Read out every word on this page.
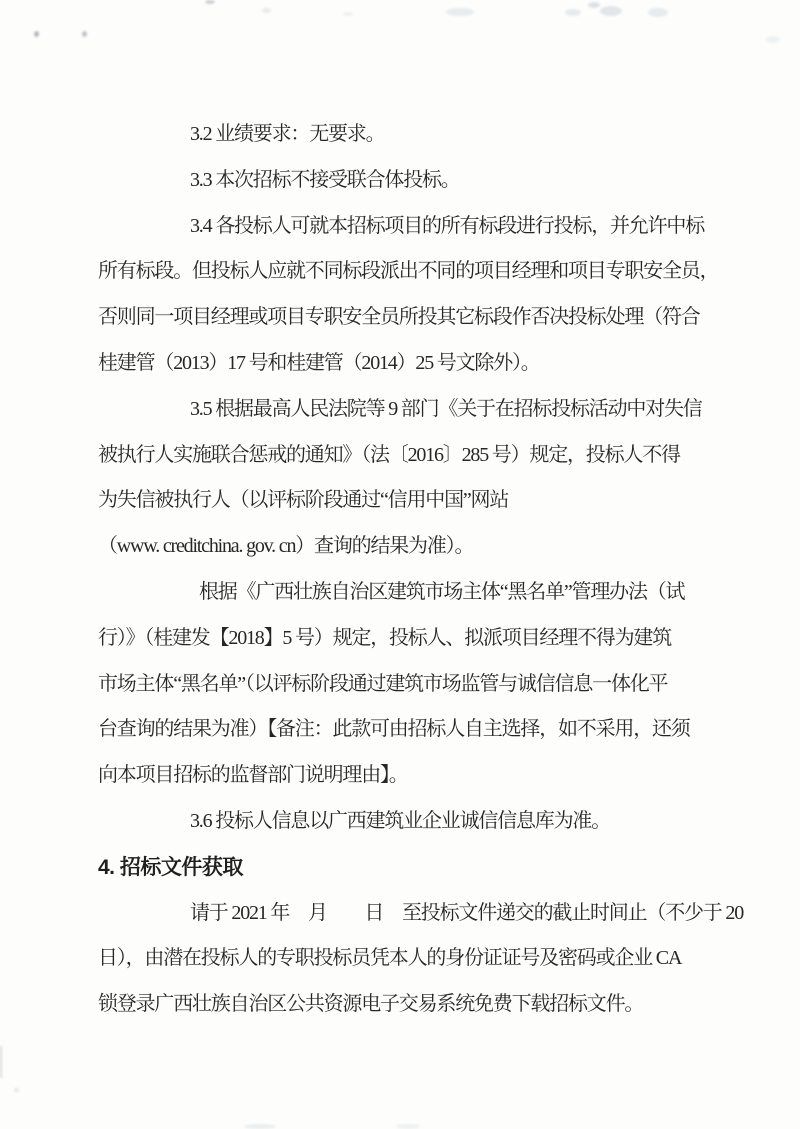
3.2 业绩要求：无要求。
3.3 本次招标不接受联合体投标。
3.4 各投标人可就本招标项目的所有标段进行投标，并允许中标
所有标段。但投标人应就不同标段派出不同的项目经理和项目专职安全员，
否则同一项目经理或项目专职安全员所投其它标段作否决投标处理（符合
桂建管（2013）17 号和桂建管（2014）25 号文除外）。
3.5 根据最高人民法院等 9 部门《关于在招标投标活动中对失信
被执行人实施联合惩戒的通知》（法〔2016〕285 号）规定，投标人不得
为失信被执行人（以评标阶段通过“信用中国”网站
（www. creditchina. gov. cn）查询的结果为准）。
根据《广西壮族自治区建筑市场主体“黑名单”管理办法（试
行）》（桂建发【2018】5 号）规定，投标人、拟派项目经理不得为建筑
市场主体“黑名单”（以评标阶段通过建筑市场监管与诚信信息一体化平
台查询的结果为准）【备注：此款可由招标人自主选择，如不采用，还须
向本项目招标的监督部门说明理由】。
3.6 投标人信息以广西建筑业企业诚信信息库为准。
4. 招标文件获取
请于 2021 年　月　　日　至投标文件递交的截止时间止（不少于 20
日），由潜在投标人的专职投标员凭本人的身份证证号及密码或企业 CA
锁登录广西壮族自治区公共资源电子交易系统免费下载招标文件。
